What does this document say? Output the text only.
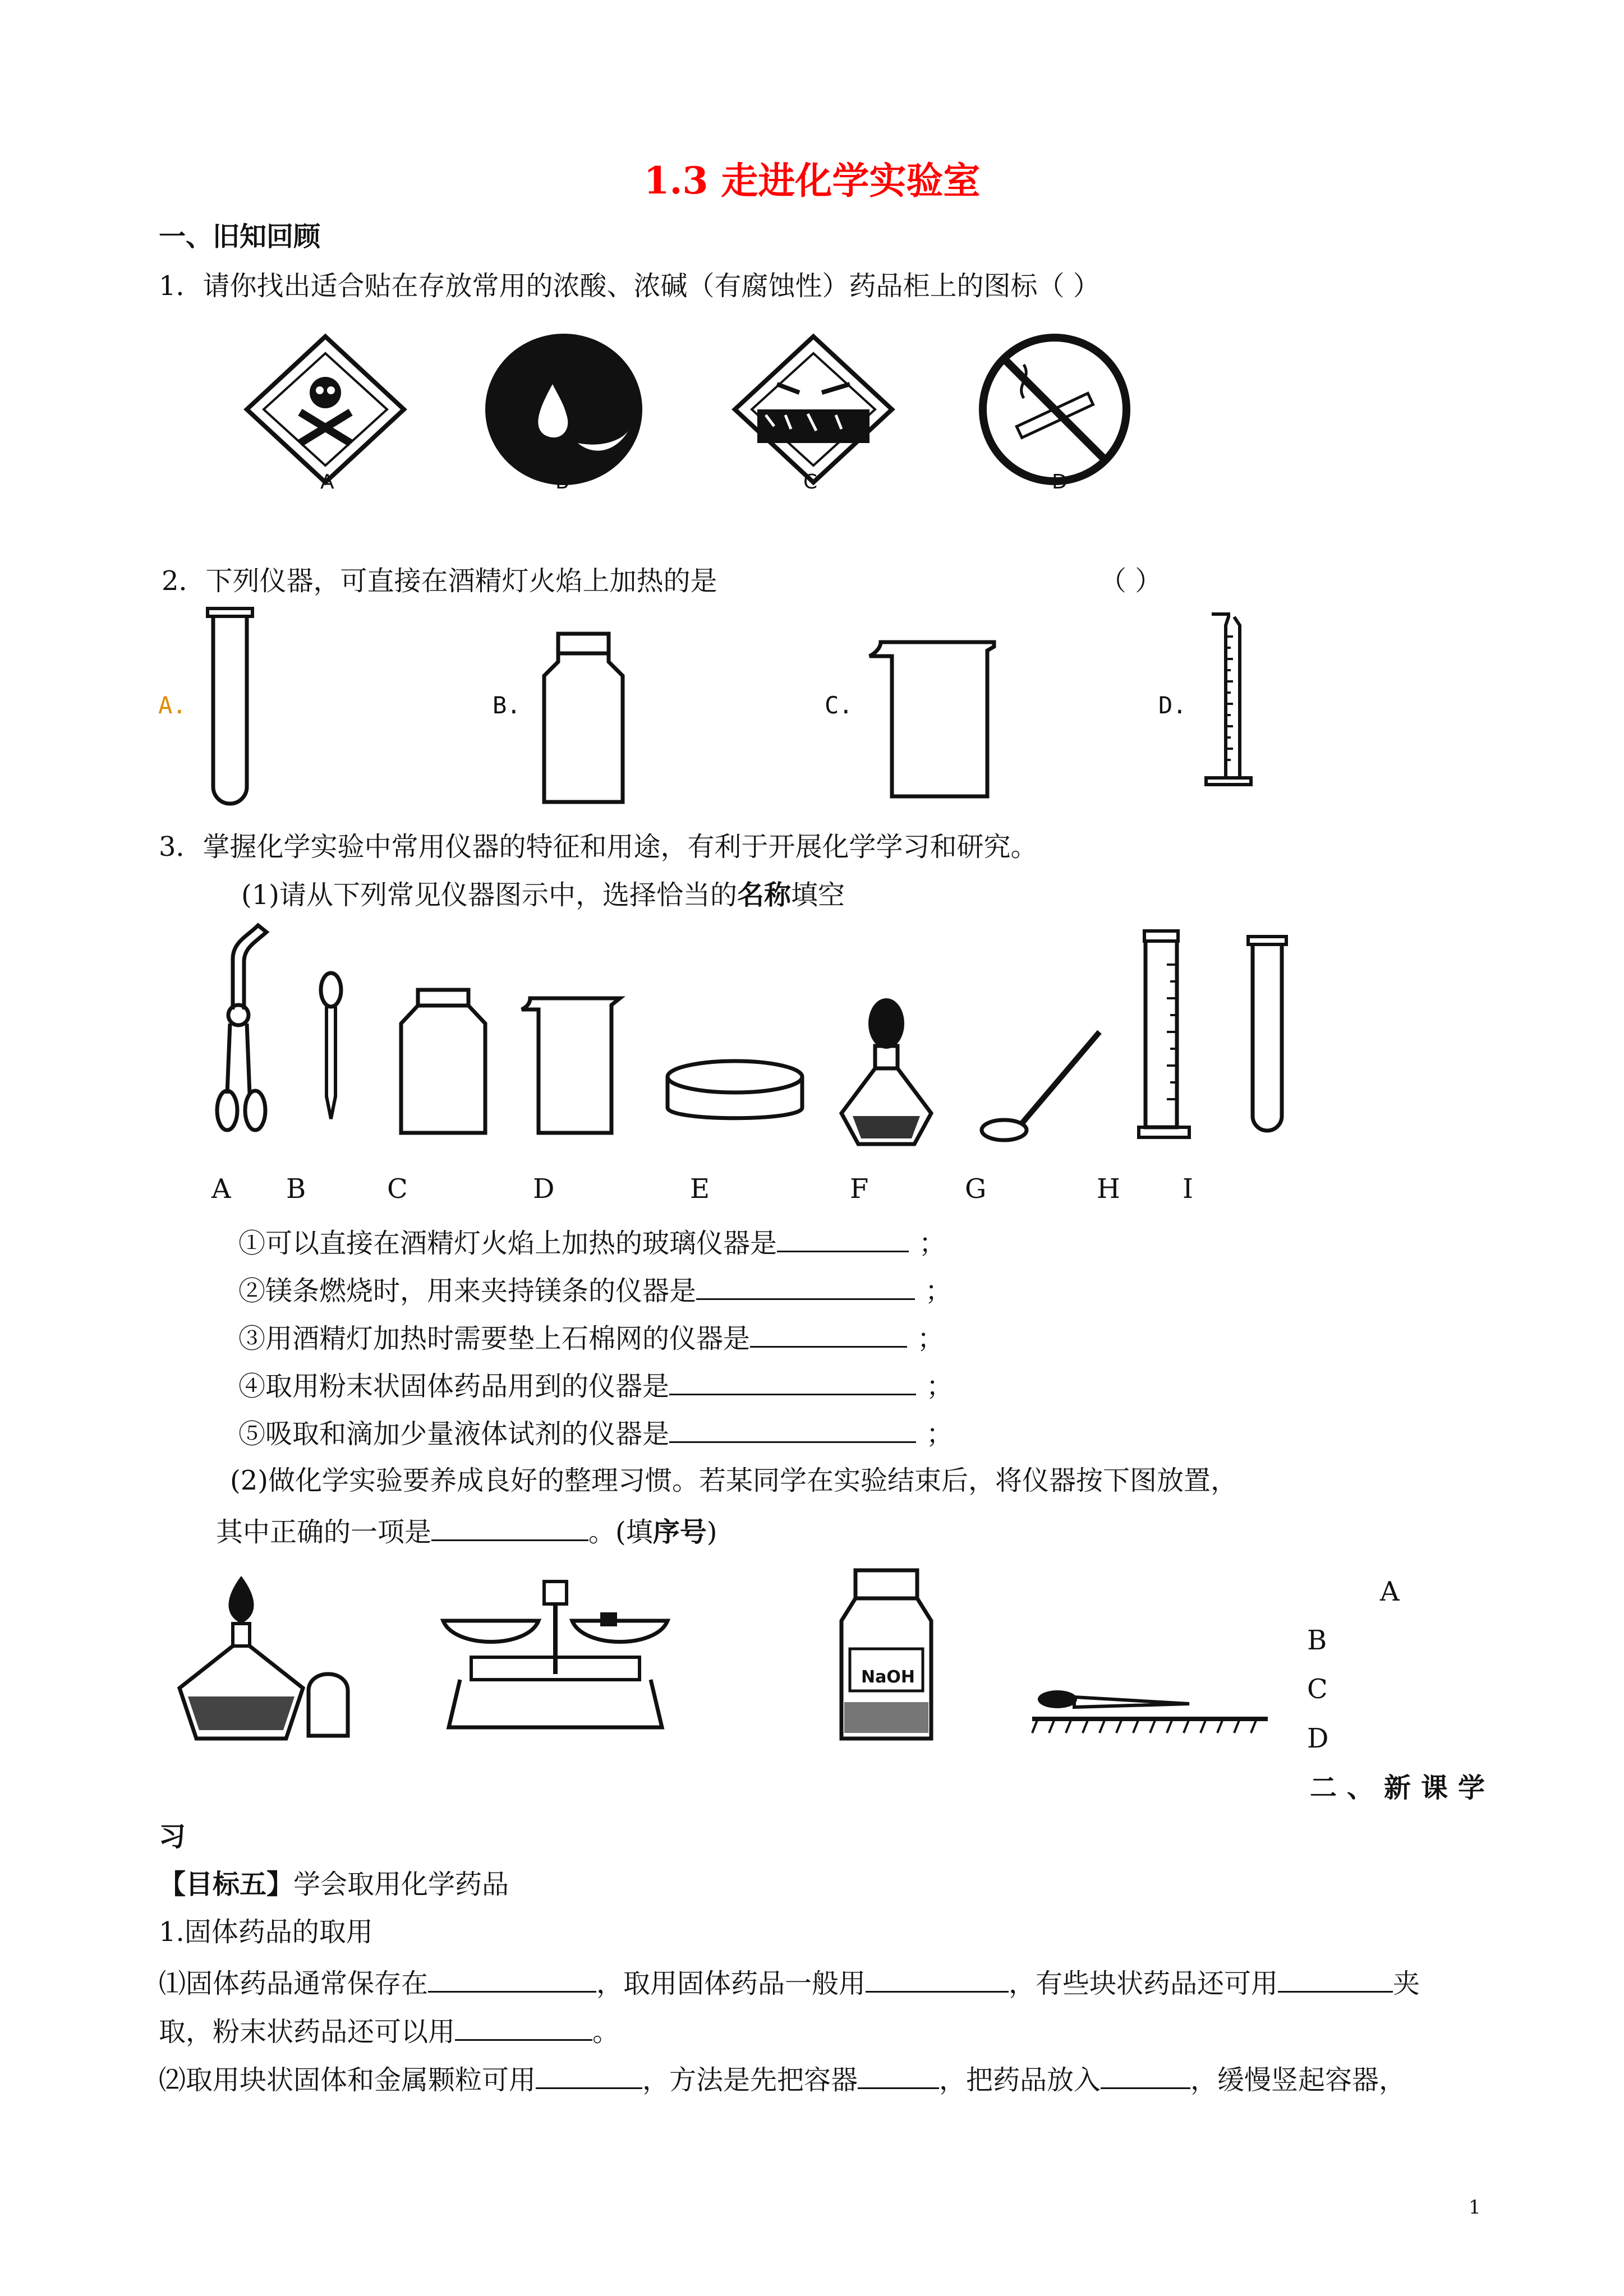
1.3 走进化学实验室
一、旧知回顾
1．请你找出适合贴在存放常用的浓酸、浓碱（有腐蚀性）药品柜上的图标（ ）
A	B	C	D
2．下列仪器，可直接在酒精灯火焰上加热的是	（ ）
A.	B.	C.	D.
3．掌握化学实验中常用仪器的特征和用途，有利于开展化学学习和研究。
(1)请从下列常见仪器图示中，选择恰当的名称填空
A B	C	D	E	F	G	H I
①可以直接在酒精灯火焰上加热的玻璃仪器是	；
②镁条燃烧时，用来夹持镁条的仪器是	；
③用酒精灯加热时需要垫上石棉网的仪器是	；
④取用粉末状固体药品用到的仪器是	；
⑤吸取和滴加少量液体试剂的仪器是	；
(2)做化学实验要养成良好的整理习惯。若某同学在实验结束后，将仪器按下图放置，
其中正确的一项是	。(填序号)
A
B
C
D
NaOH
二、新课学
习
【目标五】学会取用化学药品
1.固体药品的取用
⑴固体药品通常保存在	，取用固体药品一般用	，有些块状药品还可用	夹
取，粉末状药品还可以用	。
⑵取用块状固体和金属颗粒可用	，方法是先把容器	，把药品放入	，缓慢竖起容器，
1
